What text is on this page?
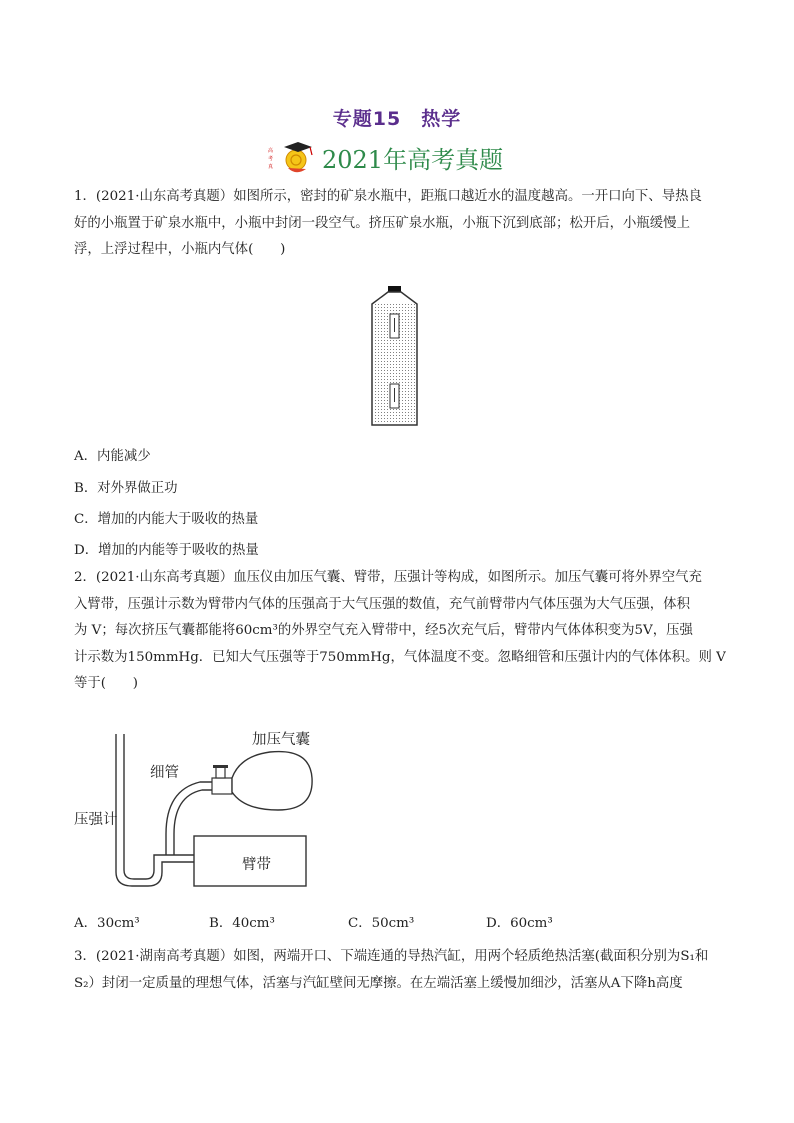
专题15　热学
高
考
真 2021年高考真题
1．(2021·山东高考真题）如图所示，密封的矿泉水瓶中，距瓶口越近水的温度越高。一开口向下、导热良
好的小瓶置于矿泉水瓶中，小瓶中封闭一段空气。挤压矿泉水瓶，小瓶下沉到底部；松开后，小瓶缓慢上
浮，上浮过程中，小瓶内气体(　　)
A．内能减少
B．对外界做正功
C．增加的内能大于吸收的热量
D．增加的内能等于吸收的热量
2．(2021·山东高考真题）血压仪由加压气囊、臂带，压强计等构成，如图所示。加压气囊可将外界空气充
入臂带，压强计示数为臂带内气体的压强高于大气压强的数值，充气前臂带内气体压强为大气压强，体积
为 V；每次挤压气囊都能将60cm³的外界空气充入臂带中，经5次充气后，臂带内气体体积变为5V，压强
计示数为150mmHg．已知大气压强等于750mmHg，气体温度不变。忽略细管和压强计内的气体体积。则 V
等于(　　)
加压气囊
细管
压强计
臂带
A．30cm³	B．40cm³	C．50cm³	D．60cm³
3．(2021·湖南高考真题）如图，两端开口、下端连通的导热汽缸，用两个轻质绝热活塞(截面积分别为S₁和
S₂）封闭一定质量的理想气体，活塞与汽缸壁间无摩擦。在左端活塞上缓慢加细沙，活塞从A下降h高度
